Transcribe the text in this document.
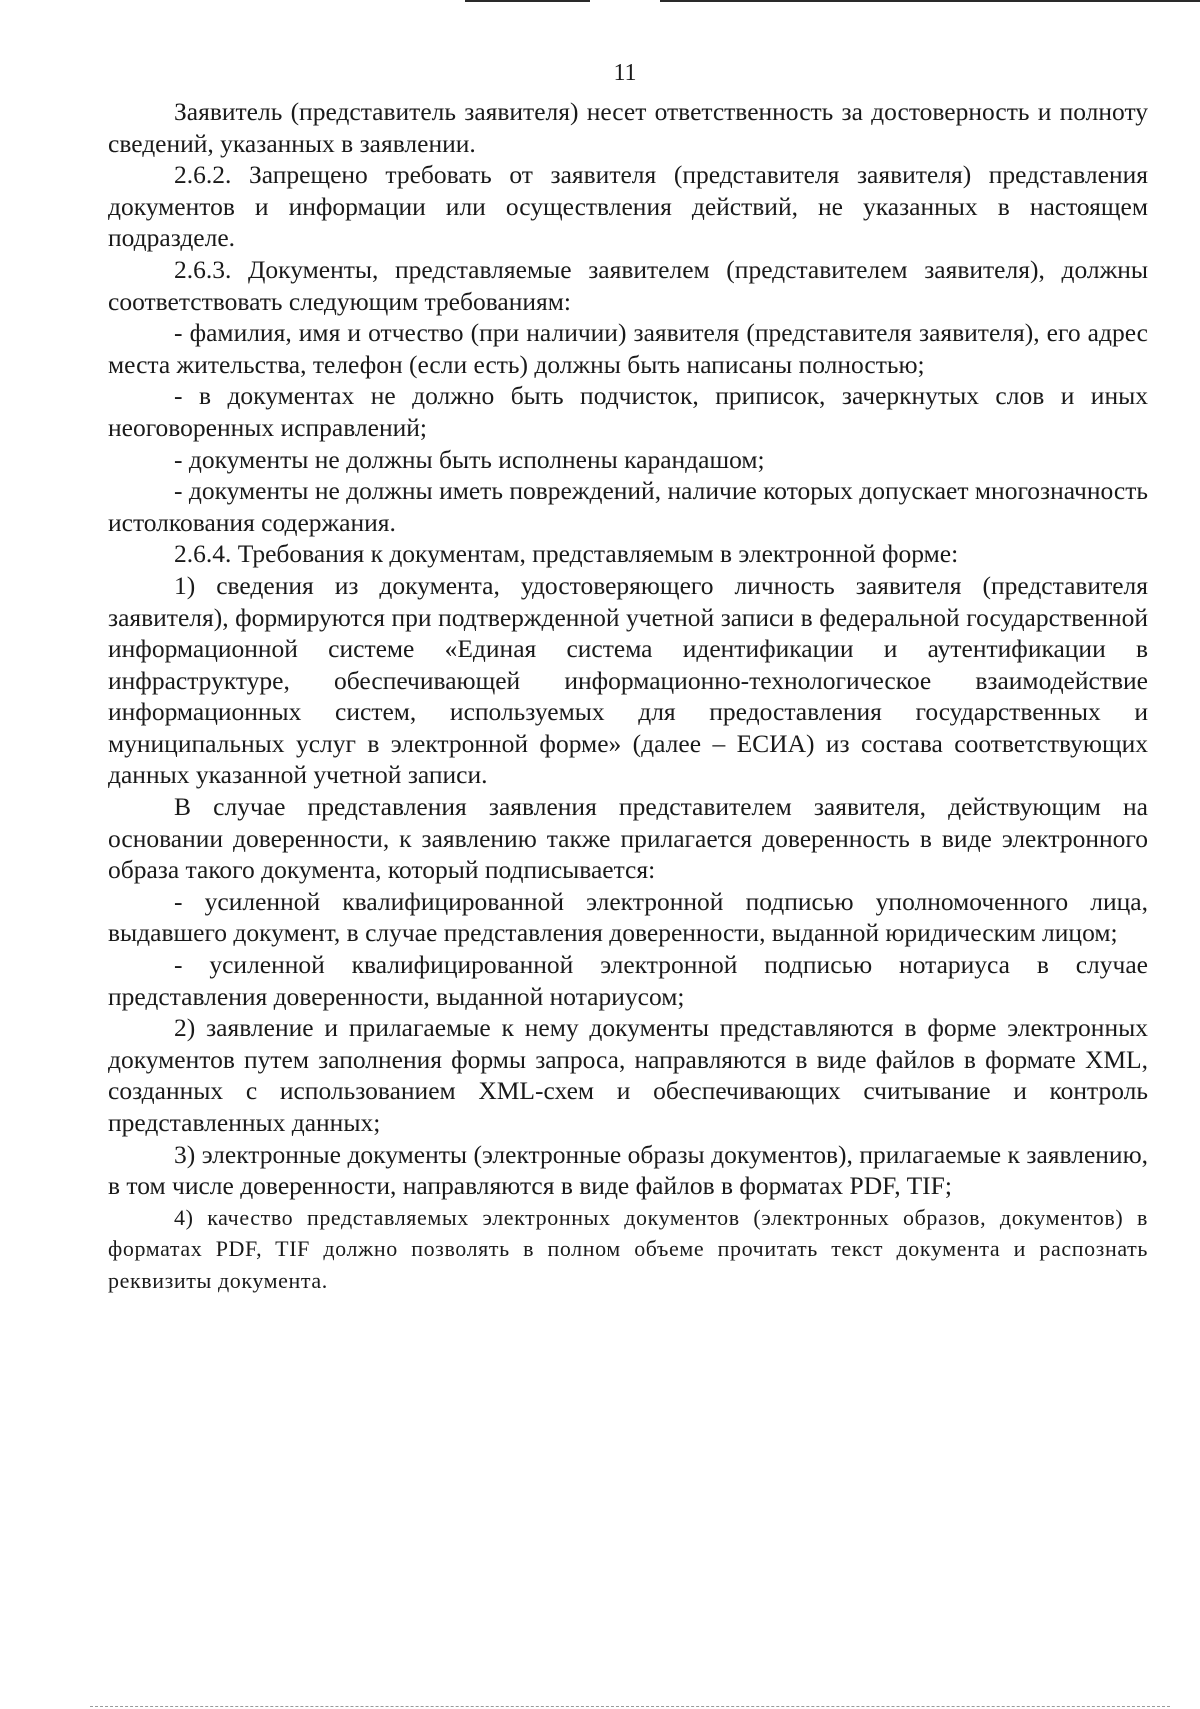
11

Заявитель (представитель заявителя) несет ответственность за достоверность и полноту сведений, указанных в заявлении.

2.6.2. Запрещено требовать от заявителя (представителя заявителя) представления документов и информации или осуществления действий, не указанных в настоящем подразделе.

2.6.3. Документы, представляемые заявителем (представителем заявителя), должны соответствовать следующим требованиям:

- фамилия, имя и отчество (при наличии) заявителя (представителя заявителя), его адрес места жительства, телефон (если есть) должны быть написаны полностью;

- в документах не должно быть подчисток, приписок, зачеркнутых слов и иных неоговоренных исправлений;

- документы не должны быть исполнены карандашом;

- документы не должны иметь повреждений, наличие которых допускает многозначность истолкования содержания.

2.6.4. Требования к документам, представляемым в электронной форме:

1) сведения из документа, удостоверяющего личность заявителя (представителя заявителя), формируются при подтвержденной учетной записи в федеральной государственной информационной системе «Единая система идентификации и аутентификации в инфраструктуре, обеспечивающей информационно-технологическое взаимодействие информационных систем, используемых для предоставления государственных и муниципальных услуг в электронной форме» (далее – ЕСИА) из состава соответствующих данных указанной учетной записи.

В случае представления заявления представителем заявителя, действующим на основании доверенности, к заявлению также прилагается доверенность в виде электронного образа такого документа, который подписывается:

- усиленной квалифицированной электронной подписью уполномоченного лица, выдавшего документ, в случае представления доверенности, выданной юридическим лицом;

- усиленной квалифицированной электронной подписью нотариуса в случае представления доверенности, выданной нотариусом;

2) заявление и прилагаемые к нему документы представляются в форме электронных документов путем заполнения формы запроса, направляются в виде файлов в формате XML, созданных с использованием XML-схем и обеспечивающих считывание и контроль представленных данных;

3) электронные документы (электронные образы документов), прилагаемые к заявлению, в том числе доверенности, направляются в виде файлов в форматах PDF, TIF;

4) качество представляемых электронных документов (электронных образов, документов) в форматах PDF, TIF должно позволять в полном объеме прочитать текст документа и распознать реквизиты документа.
